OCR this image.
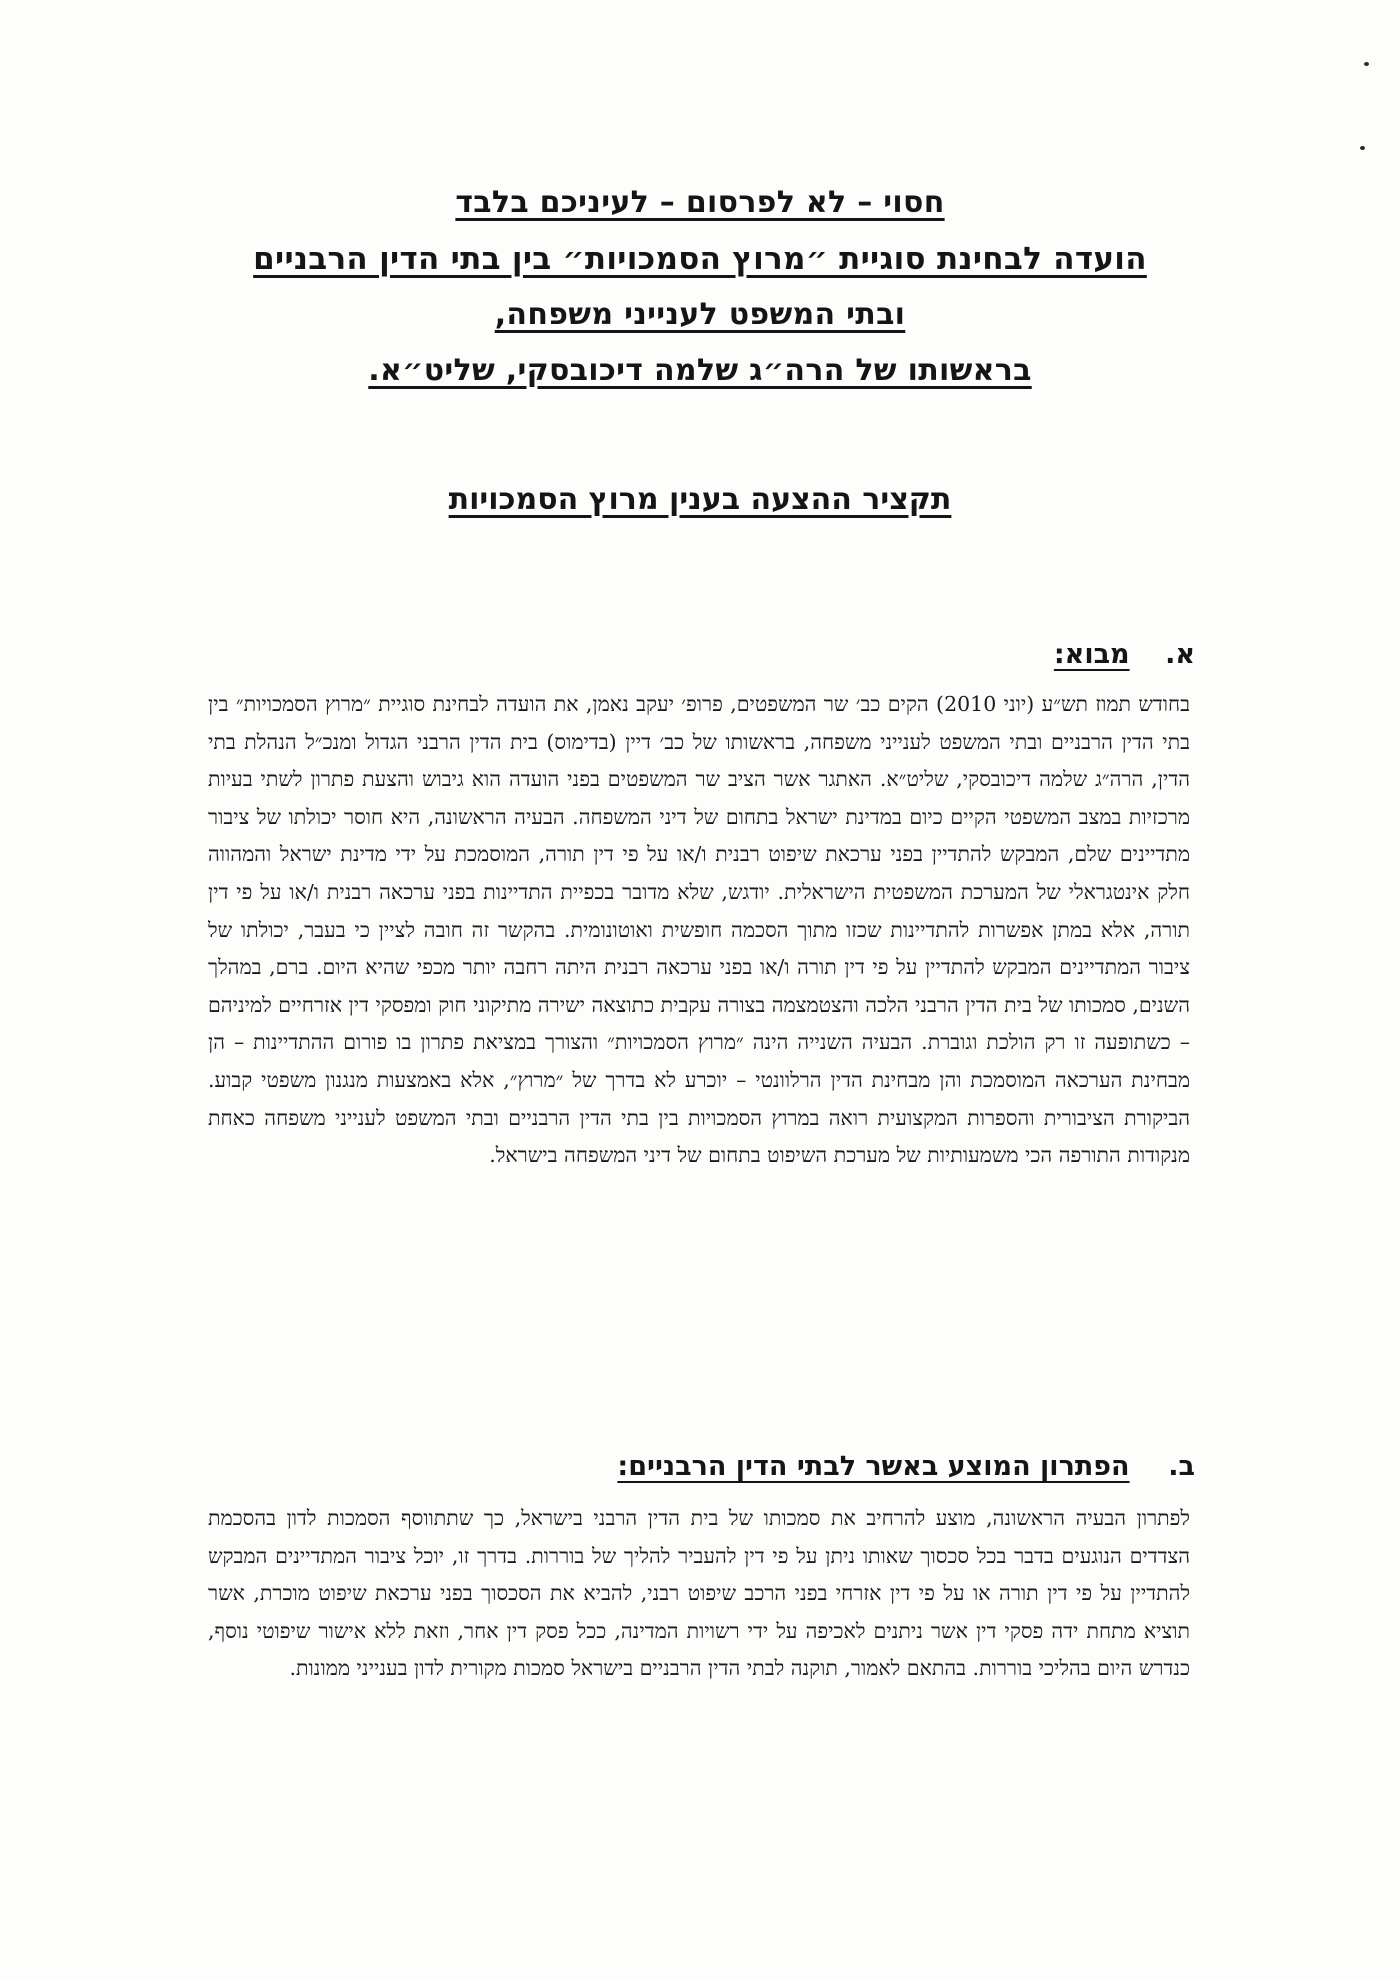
חסוי – לא לפרסום – לעיניכם בלבד
הועדה לבחינת סוגיית ״מרוץ הסמכויות״ בין בתי הדין הרבניים
ובתי המשפט לענייני משפחה,
בראשותו של הרה״ג שלמה דיכובסקי, שליט״א.
תקציר ההצעה בענין מרוץ הסמכויות
א. מבוא:

בחודש תמוז תש״ע (יוני 2010) הקים כב׳ שר המשפטים, פרופ׳ יעקב נאמן, את הועדה לבחינת סוגיית ״מרוץ הסמכויות״ בין בתי הדין הרבניים ובתי המשפט לענייני משפחה, בראשותו של כב׳ דיין (בדימוס) בית הדין הרבני הגדול ומנכ״ל הנהלת בתי הדין, הרה״ג שלמה דיכובסקי, שליט״א. האתגר אשר הציב שר המשפטים בפני הועדה הוא גיבוש והצעת פתרון לשתי בעיות מרכזיות במצב המשפטי הקיים כיום במדינת ישראל בתחום של דיני המשפחה. הבעיה הראשונה, היא חוסר יכולתו של ציבור מתדיינים שלם, המבקש להתדיין בפני ערכאת שיפוט רבנית ו/או על פי דין תורה, המוסמכת על ידי מדינת ישראל והמהווה חלק אינטגראלי של המערכת המשפטית הישראלית. יודגש, שלא מדובר בכפיית התדיינות בפני ערכאה רבנית ו/או על פי דין תורה, אלא במתן אפשרות להתדיינות שכזו מתוך הסכמה חופשית ואוטונומית. בהקשר זה חובה לציין כי בעבר, יכולתו של ציבור המתדיינים המבקש להתדיין על פי דין תורה ו/או בפני ערכאה רבנית היתה רחבה יותר מכפי שהיא היום. ברם, במהלך השנים, סמכותו של בית הדין הרבני הלכה והצטמצמה בצורה עקבית כתוצאה ישירה מתיקוני חוק ומפסקי דין אזרחיים למיניהם – כשתופעה זו רק הולכת וגוברת. הבעיה השנייה הינה ״מרוץ הסמכויות״ והצורך במציאת פתרון בו פורום ההתדיינות – הן מבחינת הערכאה המוסמכת והן מבחינת הדין הרלוונטי – יוכרע לא בדרך של ״מרוץ״, אלא באמצעות מנגנון משפטי קבוע. הביקורת הציבורית והספרות המקצועית רואה במרוץ הסמכויות בין בתי הדין הרבניים ובתי המשפט לענייני משפחה כאחת מנקודות התורפה הכי משמעותיות של מערכת השיפוט בתחום של דיני המשפחה בישראל.

ב. הפתרון המוצע באשר לבתי הדין הרבניים:

לפתרון הבעיה הראשונה, מוצע להרחיב את סמכותו של בית הדין הרבני בישראל, כך שתתווסף הסמכות לדון בהסכמת הצדדים הנוגעים בדבר בכל סכסוך שאותו ניתן על פי דין להעביר להליך של בוררות. בדרך זו, יוכל ציבור המתדיינים המבקש להתדיין על פי דין תורה או על פי דין אזרחי בפני הרכב שיפוט רבני, להביא את הסכסוך בפני ערכאת שיפוט מוכרת, אשר תוציא מתחת ידה פסקי דין אשר ניתנים לאכיפה על ידי רשויות המדינה, ככל פסק דין אחר, וזאת ללא אישור שיפוטי נוסף, כנדרש היום בהליכי בוררות. בהתאם לאמור, תוקנה לבתי הדין הרבניים בישראל סמכות מקורית לדון בענייני ממונות.
